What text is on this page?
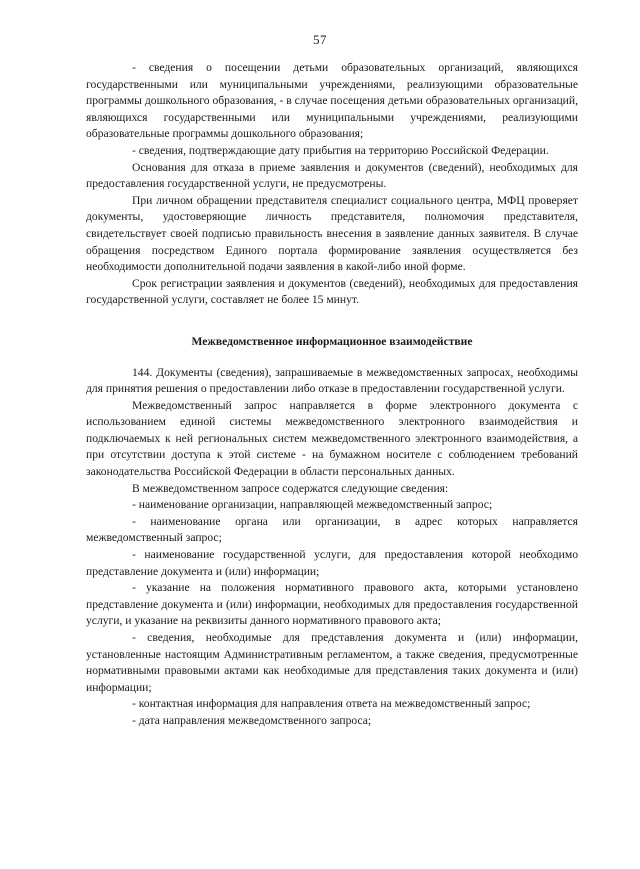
57

- сведения о посещении детьми образовательных организаций, являющихся государственными или муниципальными учреждениями, реализующими образовательные программы дошкольного образования, - в случае посещения детьми образовательных организаций, являющихся государственными или муниципальными учреждениями, реализующими образовательные программы дошкольного образования;

- сведения, подтверждающие дату прибытия на территорию Российской Федерации.

Основания для отказа в приеме заявления и документов (сведений), необходимых для предоставления государственной услуги, не предусмотрены.

При личном обращении представителя специалист социального центра, МФЦ проверяет документы, удостоверяющие личность представителя, полномочия представителя, свидетельствует своей подписью правильность внесения в заявление данных заявителя. В случае обращения посредством Единого портала формирование заявления осуществляется без необходимости дополнительной подачи заявления в какой-либо иной форме.

Срок регистрации заявления и документов (сведений), необходимых для предоставления государственной услуги, составляет не более 15 минут.

Межведомственное информационное взаимодействие

144. Документы (сведения), запрашиваемые в межведомственных запросах, необходимы для принятия решения о предоставлении либо отказе в предоставлении государственной услуги.

Межведомственный запрос направляется в форме электронного документа с использованием единой системы межведомственного электронного взаимодействия и подключаемых к ней региональных систем межведомственного электронного взаимодействия, а при отсутствии доступа к этой системе - на бумажном носителе с соблюдением требований законодательства Российской Федерации в области персональных данных.

В межведомственном запросе содержатся следующие сведения:

- наименование организации, направляющей межведомственный запрос;

- наименование органа или организации, в адрес которых направляется межведомственный запрос;

- наименование государственной услуги, для предоставления которой необходимо представление документа и (или) информации;

- указание на положения нормативного правового акта, которыми установлено представление документа и (или) информации, необходимых для предоставления государственной услуги, и указание на реквизиты данного нормативного правового акта;

- сведения, необходимые для представления документа и (или) информации, установленные настоящим Административным регламентом, а также сведения, предусмотренные нормативными правовыми актами как необходимые для представления таких документа и (или) информации;

- контактная информация для направления ответа на межведомственный запрос;

- дата направления межведомственного запроса;
